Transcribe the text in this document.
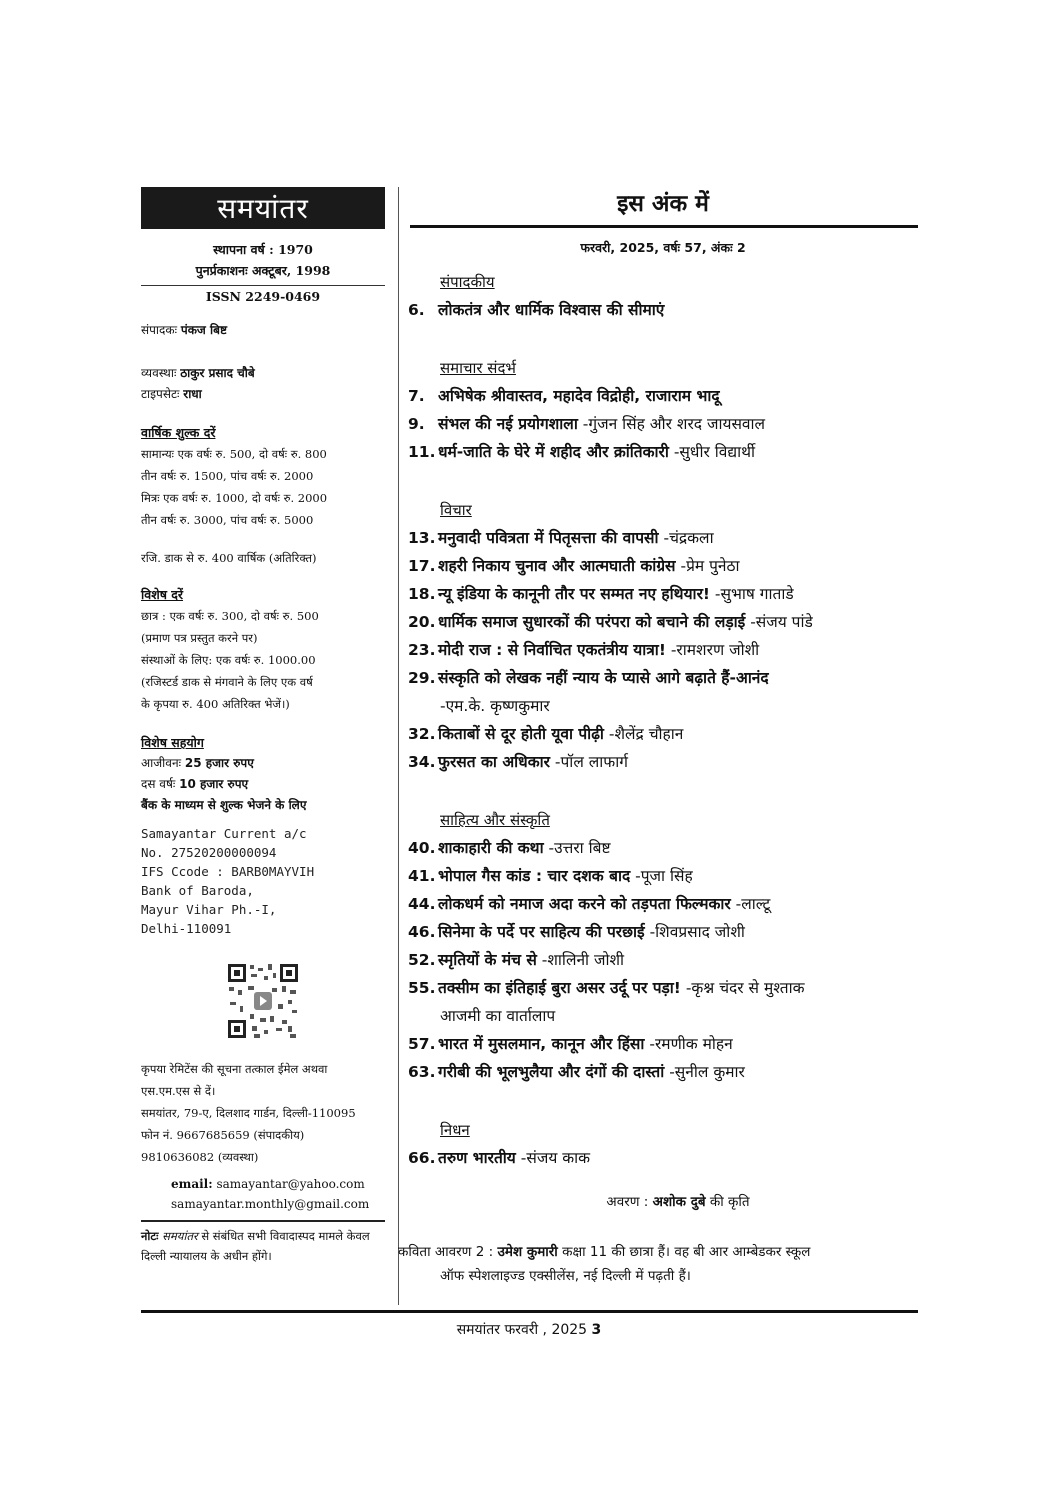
समयांतर
स्थापना वर्ष : 1970
पुनर्प्रकाशनः अक्टूबर, 1998
ISSN 2249-0469
संपादकः पंकज बिष्ट
व्यवस्थाः ठाकुर प्रसाद चौबे
टाइपसेटः राधा
वार्षिक शुल्क दरें
सामान्यः एक वर्षः रु. 500, दो वर्षः रु. 800
तीन वर्षः रु. 1500, पांच वर्षः रु. 2000
मित्रः एक वर्षः रु. 1000, दो वर्षः रु. 2000
तीन वर्षः रु. 3000, पांच वर्षः रु. 5000
रजि. डाक से रु. 400 वार्षिक (अतिरिक्त)
विशेष दरें
छात्र : एक वर्षः रु. 300, दो वर्षः रु. 500
(प्रमाण पत्र प्रस्तुत करने पर)
संस्थाओं के लिए: एक वर्षः रु. 1000.00
(रजिस्टर्ड डाक से मंगवाने के लिए एक वर्ष
के कृपया रु. 400 अतिरिक्त भेजें।)
विशेष सहयोग
आजीवनः 25 हजार रुपए
दस वर्षः 10 हजार रुपए
बैंक के माध्यम से शुल्क भेजने के लिए
Samayantar Current a/c
No. 27520200000094
IFS Ccode : BARB0MAYVIH
Bank of Baroda,
Mayur Vihar Ph.-I,
Delhi-110091
कृपया रेमिटेंस की सूचना तत्काल ईमेल अथवा
एस.एम.एस से दें।
समयांतर, 79-ए, दिलशाद गार्डन, दिल्ली-110095
फोन नं. 9667685659 (संपादकीय)
9810636082 (व्यवस्था)
email: samayantar@yahoo.com
samayantar.monthly@gmail.com
नोटः समयांतर से संबंधित सभी विवादास्पद मामले केवल दिल्ली न्यायालय के अधीन होंगे।
इस अंक में
फरवरी, 2025, वर्षः 57, अंकः 2
संपादकीय
6. लोकतंत्र और धार्मिक विश्वास की सीमाएं
समाचार संदर्भ
7. अभिषेक श्रीवास्तव, महादेव विद्रोही, राजाराम भादू
9. संभल की नई प्रयोगशाला -गुंजन सिंह और शरद जायसवाल
11. धर्म-जाति के घेरे में शहीद और क्रांतिकारी -सुधीर विद्यार्थी
विचार
13. मनुवादी पवित्रता में पितृसत्ता की वापसी -चंद्रकला
17. शहरी निकाय चुनाव और आत्मघाती कांग्रेस -प्रेम पुनेठा
18. न्यू इंडिया के कानूनी तौर पर सम्मत नए हथियार! -सुभाष गाताडे
20. धार्मिक समाज सुधारकों की परंपरा को बचाने की लड़ाई -संजय पांडे
23. मोदी राज : से निर्वाचित एकतंत्रीय यात्रा! -रामशरण जोशी
29. संस्कृति को लेखक नहीं न्याय के प्यासे आगे बढ़ाते हैं-आनंद
-एम.के. कृष्णकुमार
32. किताबों से दूर होती यूवा पीढ़ी -शैलेंद्र चौहान
34. फुरसत का अधिकार -पॉल लाफार्ग
साहित्य और संस्कृति
40. शाकाहारी की कथा -उत्तरा बिष्ट
41. भोपाल गैस कांड : चार दशक बाद -पूजा सिंह
44. लोकधर्म को नमाज अदा करने को तड़पता फिल्मकार -लाल्टू
46. सिनेमा के पर्दे पर साहित्य की परछाई -शिवप्रसाद जोशी
52. स्मृतियों के मंच से -शालिनी जोशी
55. तक्सीम का इंतिहाई बुरा असर उर्दू पर पड़ा! -कृश्न चंदर से मुश्ताक
आजमी का वार्तालाप
57. भारत में मुसलमान, कानून और हिंसा -रमणीक मोहन
63. गरीबी की भूलभुलैया और दंगों की दास्तां -सुनील कुमार
निधन
66. तरुण भारतीय -संजय काक
अवरण : अशोक दुबे की कृति
कविता आवरण 2 : उमेश कुमारी कक्षा 11 की छात्रा हैं। वह बी आर आम्बेडकर स्कूल
ऑफ स्पेशलाइज्ड एक्सीलेंस, नई दिल्ली में पढ़ती हैं।
समयांतर फरवरी , 2025 3
